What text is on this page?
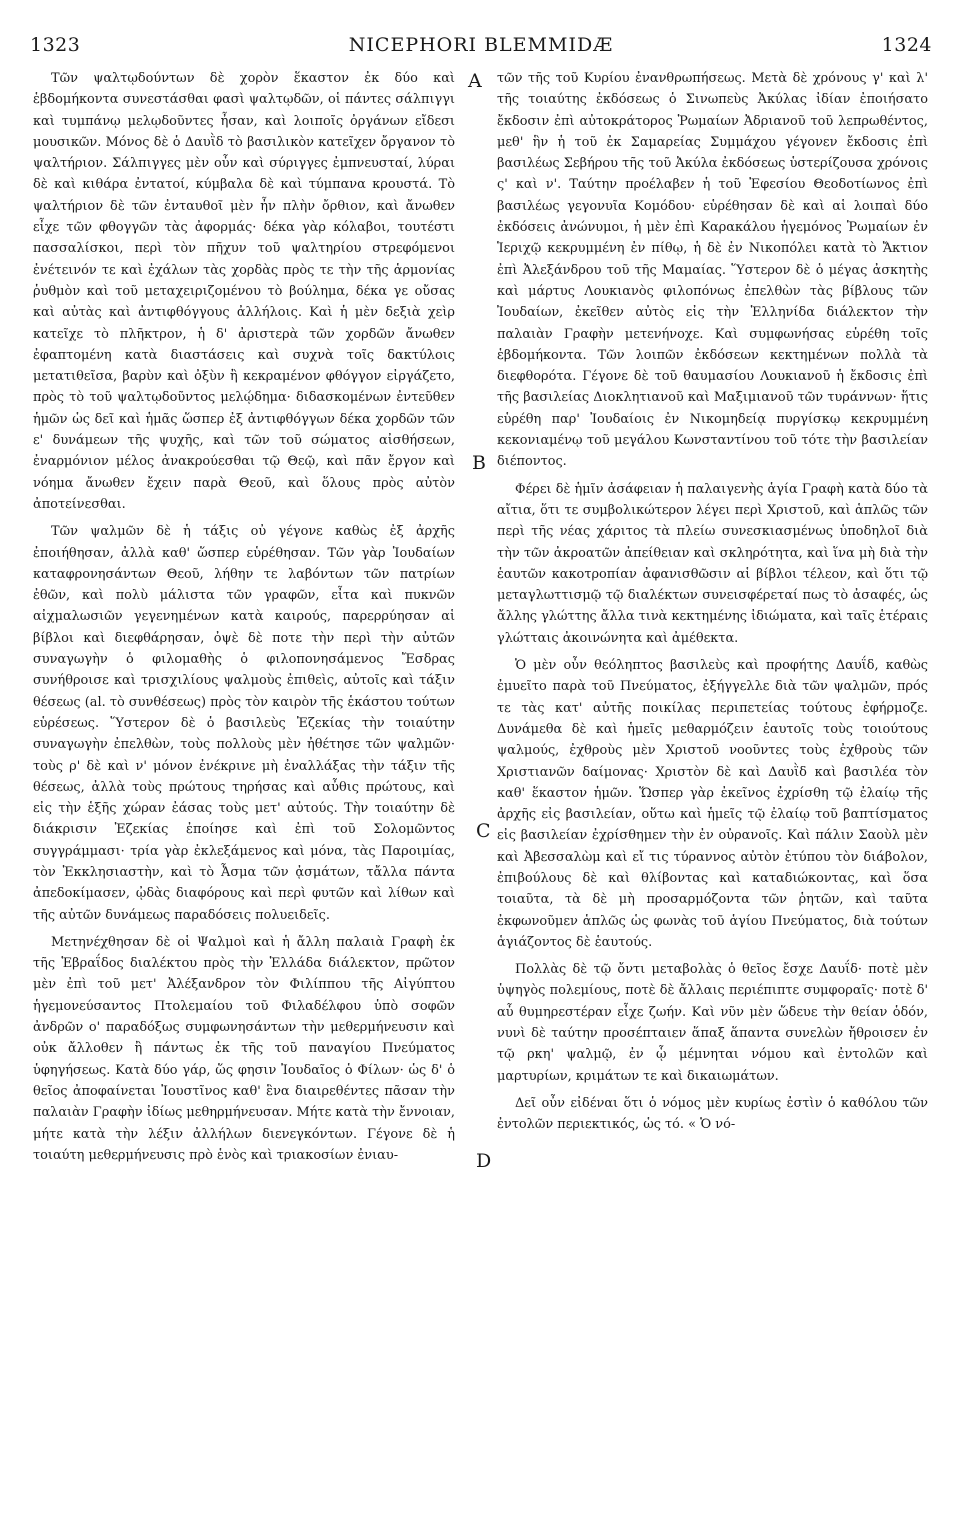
1323	NICEPHORI BLEMMIDÆ	1324

Τῶν ψαλτῳδούντων δὲ χορὸν ἕκαστον ἐκ δύο καὶ ἑβδομήκοντα συνεστάσθαι φασὶ ψαλτῳδῶν, οἱ πάντες σάλπιγγι καὶ τυμπάνῳ μελῳδοῦντες ἦσαν, καὶ λοιποῖς ὀργάνων εἴδεσι μουσικῶν. Μόνος δὲ ὁ Δαυῒδ τὸ βασιλικὸν κατεῖχεν ὄργανον τὸ ψαλτήριον. Σάλπιγγες μὲν οὖν καὶ σύριγγες ἐμπνευσταί, λύραι δὲ καὶ κιθάρα ἐντατοί, κύμβαλα δὲ καὶ τύμπανα κρουστά. Τὸ ψαλτήριον δὲ τῶν ἐνταυθοῖ μὲν ἦν πλὴν ὄρθιον, καὶ ἄνωθεν εἶχε τῶν φθογγῶν τὰς ἀφορμάς· δέκα γὰρ κόλαβοι, τουτέστι πασσαλίσκοι, περὶ τὸν πῆχυν τοῦ ψαλτηρίου στρεφόμενοι ἐνέτεινόν τε καὶ ἐχάλων τὰς χορδὰς πρὸς τε τὴν τῆς ἁρμονίας ῥυθμὸν καὶ τοῦ μεταχειριζομένου τὸ βούλημα, δέκα γε οὔσας καὶ αὐτὰς καὶ ἀντιφθόγγους ἀλλήλοις. Καὶ ἡ μὲν δεξιὰ χεὶρ κατεῖχε τὸ πλῆκτρον, ἡ δ' ἀριστερὰ τῶν χορδῶν ἄνωθεν ἐφαπτομένη κατὰ διαστάσεις καὶ συχνὰ τοῖς δακτύλοις μετατιθεῖσα, βαρὺν καὶ ὀξὺν ἢ κεκραμένον φθόγγον εἰργάζετο, πρὸς τὸ τοῦ ψαλτῳδοῦντος μελῴδημα· διδασκομένων ἐντεῦθεν ἡμῶν ὡς δεῖ καὶ ἡμᾶς ὥσπερ ἐξ ἀντιφθόγγων δέκα χορδῶν τῶν ε' δυνάμεων τῆς ψυχῆς, καὶ τῶν τοῦ σώματος αἰσθήσεων, ἐναρμόνιον μέλος ἀνακρούεσθαι τῷ Θεῷ, καὶ πᾶν ἔργον καὶ νόημα ἄνωθεν ἔχειν παρὰ Θεοῦ, καὶ ὅλους πρὸς αὐτὸν ἀποτείνεσθαι.

Τῶν ψαλμῶν δὲ ἡ τάξις οὐ γέγονε καθὼς ἐξ ἀρχῆς ἐποιήθησαν, ἀλλὰ καθ' ὥσπερ εὑρέθησαν. Τῶν γὰρ Ἰουδαίων καταφρονησάντων Θεοῦ, λήθην τε λαβόντων τῶν πατρίων ἐθῶν, καὶ πολὺ μάλιστα τῶν γραφῶν, εἶτα καὶ πυκνῶν αἰχμαλωσιῶν γεγενημένων κατὰ καιρούς, παρερρύησαν αἱ βίβλοι καὶ διεφθάρησαν, ὀψὲ δὲ ποτε τὴν περὶ τὴν αὐτῶν συναγωγὴν ὁ φιλομαθὴς ὁ φιλοπονησάμενος Ἔσδρας συνήθροισε καὶ τρισχιλίους ψαλμοὺς ἐπιθεὶς, αὐτοῖς καὶ τάξιν θέσεως (al. τὸ συνθέσεως) πρὸς τὸν καιρὸν τῆς ἑκάστου τούτων εὑρέσεως. Ὕστερον δὲ ὁ βασιλεὺς Ἐζεκίας τὴν τοιαύτην συναγωγὴν ἐπελθὼν, τοὺς πολλοὺς μὲν ἠθέτησε τῶν ψαλμῶν· τοὺς ρ' δὲ καὶ ν' μόνον ἐνέκρινε μὴ ἐναλλάξας τὴν τάξιν τῆς θέσεως, ἀλλὰ τοὺς πρώτους τηρήσας καὶ αὖθις πρώτους, καὶ εἰς τὴν ἑξῆς χώραν ἐάσας τοὺς μετ' αὐτούς. Τὴν τοιαύτην δὲ διάκρισιν Ἐζεκίας ἐποίησε καὶ ἐπὶ τοῦ Σολομῶντος συγγράμμασι· τρία γὰρ ἐκλεξάμενος καὶ μόνα, τὰς Παροιμίας, τὸν Ἐκκλησιαστὴν, καὶ τὸ Ἆσμα τῶν ᾀσμάτων, τἄλλα πάντα ἀπεδοκίμασεν, ᾠδὰς διαφόρους καὶ περὶ φυτῶν καὶ λίθων καὶ τῆς αὐτῶν δυνάμεως παραδόσεις πολυειδεῖς.

Μετηνέχθησαν δὲ οἱ Ψαλμοὶ καὶ ἡ ἄλλη παλαιὰ Γραφὴ ἐκ τῆς Ἑβραΐδος διαλέκτου πρὸς τὴν Ἑλλάδα διάλεκτον, πρῶτον μὲν ἐπὶ τοῦ μετ' Ἀλέξανδρον τὸν Φιλίππου τῆς Αἰγύπτου ἡγεμονεύσαντος Πτολεμαίου τοῦ Φιλαδέλφου ὑπὸ σοφῶν ἀνδρῶν ο' παραδόξως συμφωνησάντων τὴν μεθερμήνευσιν καὶ οὐκ ἄλλοθεν ἢ πάντως ἐκ τῆς τοῦ παναγίου Πνεύματος ὑφηγήσεως. Κατὰ δύο γάρ, ὥς φησιν Ἰουδαῖος ὁ Φίλων· ὡς δ' ὁ θεῖος ἀποφαίνεται Ἰουστῖνος καθ' ἓνα διαιρεθέντες πᾶσαν τὴν παλαιὰν Γραφὴν ἰδίως μεθηρμήνευσαν. Μήτε κατὰ τὴν ἔννοιαν, μήτε κατὰ τὴν λέξιν ἀλλήλων διενεγκόντων. Γέγονε δὲ ἡ τοιαύτη μεθερμήνευσις πρὸ ἑνὸς καὶ τριακοσίων ἐνιαυ-

A
B
C
D

τῶν τῆς τοῦ Κυρίου ἐνανθρωπήσεως. Μετὰ δὲ χρόνους γ' καὶ λ' τῆς τοιαύτης ἐκδόσεως ὁ Σινωπεὺς Ἀκύλας ἰδίαν ἐποιήσατο ἔκδοσιν ἐπὶ αὐτοκράτορος Ῥωμαίων Ἀδριανοῦ τοῦ λεπρωθέντος, μεθ' ἣν ἡ τοῦ ἐκ Σαμαρείας Συμμάχου γέγονεν ἔκδοσις ἐπὶ βασιλέως Σεβήρου τῆς τοῦ Ἀκύλα ἐκδόσεως ὑστερίζουσα χρόνοις ς' καὶ ν'. Ταύτην προέλαβεν ἡ τοῦ Ἐφεσίου Θεοδοτίωνος ἐπὶ βασιλέως γεγονυῖα Κομόδου· εὑρέθησαν δὲ καὶ αἱ λοιπαὶ δύο ἐκδόσεις ἀνώνυμοι, ἡ μὲν ἐπὶ Καρακάλου ἡγεμόνος Ῥωμαίων ἐν Ἱεριχῷ κεκρυμμένη ἐν πίθῳ, ἡ δὲ ἐν Νικοπόλει κατὰ τὸ Ἄκτιον ἐπὶ Ἀλεξάνδρου τοῦ τῆς Μαμαίας. Ὕστερον δὲ ὁ μέγας ἀσκητὴς καὶ μάρτυς Λουκιανὸς φιλοπόνως ἐπελθὼν τὰς βίβλους τῶν Ἰουδαίων, ἐκεῖθεν αὐτὸς εἰς τὴν Ἑλληνίδα διάλεκτον τὴν παλαιὰν Γραφὴν μετενήνοχε. Καὶ συμφωνήσας εὑρέθη τοῖς ἑβδομήκοντα. Τῶν λοιπῶν ἐκδόσεων κεκτημένων πολλὰ τὰ διεφθορότα. Γέγονε δὲ τοῦ θαυμασίου Λουκιανοῦ ἡ ἔκδοσις ἐπὶ τῆς βασιλείας Διοκλητιανοῦ καὶ Μαξιμιανοῦ τῶν τυράννων· ἥτις εὑρέθη παρ' Ἰουδαίοις ἐν Νικομηδείᾳ πυργίσκῳ κεκρυμμένη κεκονιαμένῳ τοῦ μεγάλου Κωνσταντίνου τοῦ τότε τὴν βασιλείαν διέποντος.

Φέρει δὲ ἡμῖν ἀσάφειαν ἡ παλαιγενὴς ἁγία Γραφὴ κατὰ δύο τὰ αἴτια, ὅτι τε συμβολικώτερον λέγει περὶ Χριστοῦ, καὶ ἁπλῶς τῶν περὶ τῆς νέας χάριτος τὰ πλείω συνεσκιασμένως ὑποδηλοῖ διὰ τὴν τῶν ἀκροατῶν ἀπείθειαν καὶ σκληρότητα, καὶ ἵνα μὴ διὰ τὴν ἑαυτῶν κακοτροπίαν ἀφανισθῶσιν αἱ βίβλοι τέλεον, καὶ ὅτι τῷ μεταγλωττισμῷ τῷ διαλέκτων συνεισφέρεταί πως τὸ ἀσαφές, ὡς ἄλλης γλώττης ἄλλα τινὰ κεκτημένης ἰδιώματα, καὶ ταῖς ἑτέραις γλώτταις ἀκοινώνητα καὶ ἀμέθεκτα.

Ὁ μὲν οὖν θεόληπτος βασιλεὺς καὶ προφήτης Δαυΐδ, καθὼς ἐμυεῖτο παρὰ τοῦ Πνεύματος, ἐξήγγελλε διὰ τῶν ψαλμῶν, πρός τε τὰς κατ' αὐτῆς ποικίλας περιπετείας τούτους ἐφήρμοζε. Δυνάμεθα δὲ καὶ ἡμεῖς μεθαρμόζειν ἑαυτοῖς τοὺς τοιούτους ψαλμούς, ἐχθροὺς μὲν Χριστοῦ νοοῦντες τοὺς ἐχθροὺς τῶν Χριστιανῶν δαίμονας· Χριστὸν δὲ καὶ Δαυῒδ καὶ βασιλέα τὸν καθ' ἕκαστον ἡμῶν. Ὥσπερ γὰρ ἐκεῖνος ἐχρίσθη τῷ ἐλαίῳ τῆς ἀρχῆς εἰς βασιλείαν, οὕτω καὶ ἡμεῖς τῷ ἐλαίῳ τοῦ βαπτίσματος εἰς βασιλείαν ἐχρίσθημεν τὴν ἐν οὐρανοῖς. Καὶ πάλιν Σαοὺλ μὲν καὶ Ἀβεσσαλὼμ καὶ εἴ τις τύραννος αὐτὸν ἐτύπου τὸν διάβολον, ἐπιβούλους δὲ καὶ θλίβοντας καὶ καταδιώκοντας, καὶ ὅσα τοιαῦτα, τὰ δὲ μὴ προσαρμόζοντα τῶν ῥητῶν, καὶ ταῦτα ἐκφωνοῦμεν ἁπλῶς ὡς φωνὰς τοῦ ἁγίου Πνεύματος, διὰ τούτων ἁγιάζοντος δὲ ἑαυτούς.

Πολλὰς δὲ τῷ ὄντι μεταβολὰς ὁ θεῖος ἔσχε Δαυΐδ· ποτὲ μὲν ὑψηγὸς πολεμίους, ποτὲ δὲ ἄλλαις περιέπιπτε συμφοραῖς· ποτὲ δ' αὖ θυμηρεστέραν εἶχε ζωήν. Καὶ νῦν μὲν ὥδευε τὴν θείαν ὁδόν, νυνὶ δὲ ταύτην προσέπταιεν ἅπαξ ἅπαντα συνελὼν ἤθροισεν ἐν τῷ ρκη' ψαλμῷ, ἐν ᾧ μέμνηται νόμου καὶ ἐντολῶν καὶ μαρτυρίων, κριμάτων τε καὶ δικαιωμάτων.

Δεῖ οὖν εἰδέναι ὅτι ὁ νόμος μὲν κυρίως ἐστὶν ὁ καθόλου τῶν ἐντολῶν περιεκτικός, ὡς τό. « Ὁ νό-
